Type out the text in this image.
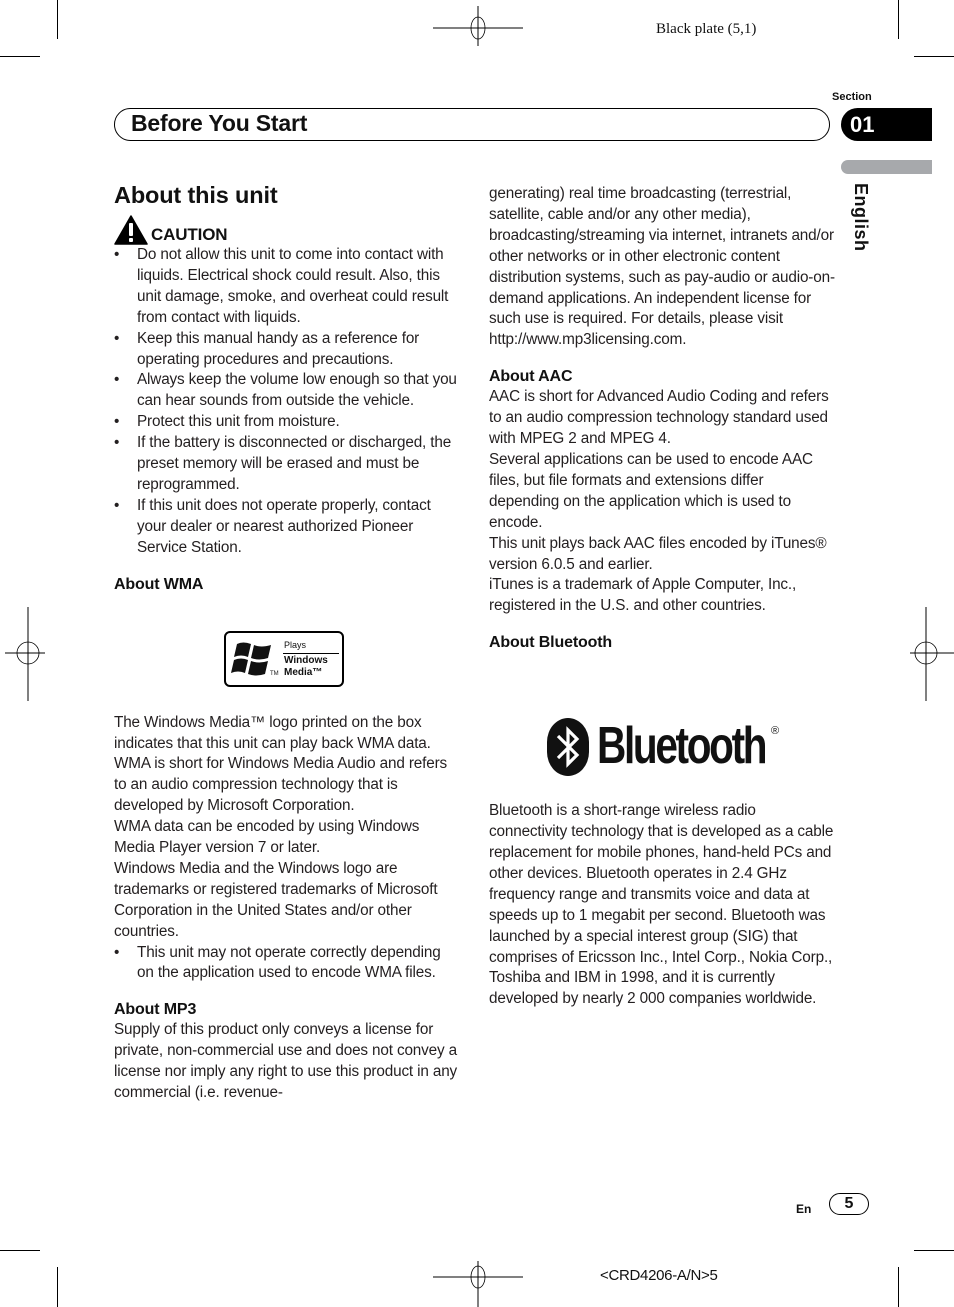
Black plate (5,1)
<CRD4206-A/N>5
Section
01
English
Before You Start
About this unit
CAUTION
• Do not allow this unit to come into contact with liquids. Electrical shock could result. Also, this unit damage, smoke, and overheat could result from contact with liquids.
• Keep this manual handy as a reference for operating procedures and precautions.
• Always keep the volume low enough so that you can hear sounds from outside the vehicle.
• Protect this unit from moisture.
• If the battery is disconnected or discharged, the preset memory will be erased and must be reprogrammed.
• If this unit does not operate properly, contact your dealer or nearest authorized Pioneer Service Station.
About WMA

The Windows Media™ logo printed on the box indicates that this unit can play back WMA data.

WMA is short for Windows Media Audio and refers to an audio compression technology that is developed by Microsoft Corporation.

WMA data can be encoded by using Windows Media Player version 7 or later.

Windows Media and the Windows logo are trademarks or registered trademarks of Microsoft Corporation in the United States and/or other countries.

• This unit may not operate correctly depending on the application used to encode WMA files.
About MP3

Supply of this product only conveys a license for private, non-commercial use and does not convey a license nor imply any right to use this product in any commercial (i.e. revenue-

Plays
Windows
Media™
TM

generating) real time broadcasting (terrestrial, satellite, cable and/or any other media), broadcasting/streaming via internet, intranets and/or other networks or in other electronic content distribution systems, such as pay-audio or audio-on-demand applications. An independent license for such use is required. For details, please visit

http://www.mp3licensing.com.

About AAC

AAC is short for Advanced Audio Coding and refers to an audio compression technology standard used with MPEG 2 and MPEG 4.

Several applications can be used to encode AAC files, but file formats and extensions differ depending on the application which is used to encode.

This unit plays back AAC files encoded by iTunes® version 6.0.5 and earlier.

iTunes is a trademark of Apple Computer, Inc., registered in the U.S. and other countries.

About Bluetooth

Bluetooth is a short-range wireless radio connectivity technology that is developed as a cable replacement for mobile phones, hand-held PCs and other devices. Bluetooth operates in 2.4 GHz frequency range and transmits voice and data at speeds up to 1 megabit per second. Bluetooth was launched by a special interest group (SIG) that comprises of Ericsson Inc., Intel Corp., Nokia Corp., Toshiba and IBM in 1998, and it is currently developed by nearly 2 000 companies worldwide.

Bluetooth ®
En	5
